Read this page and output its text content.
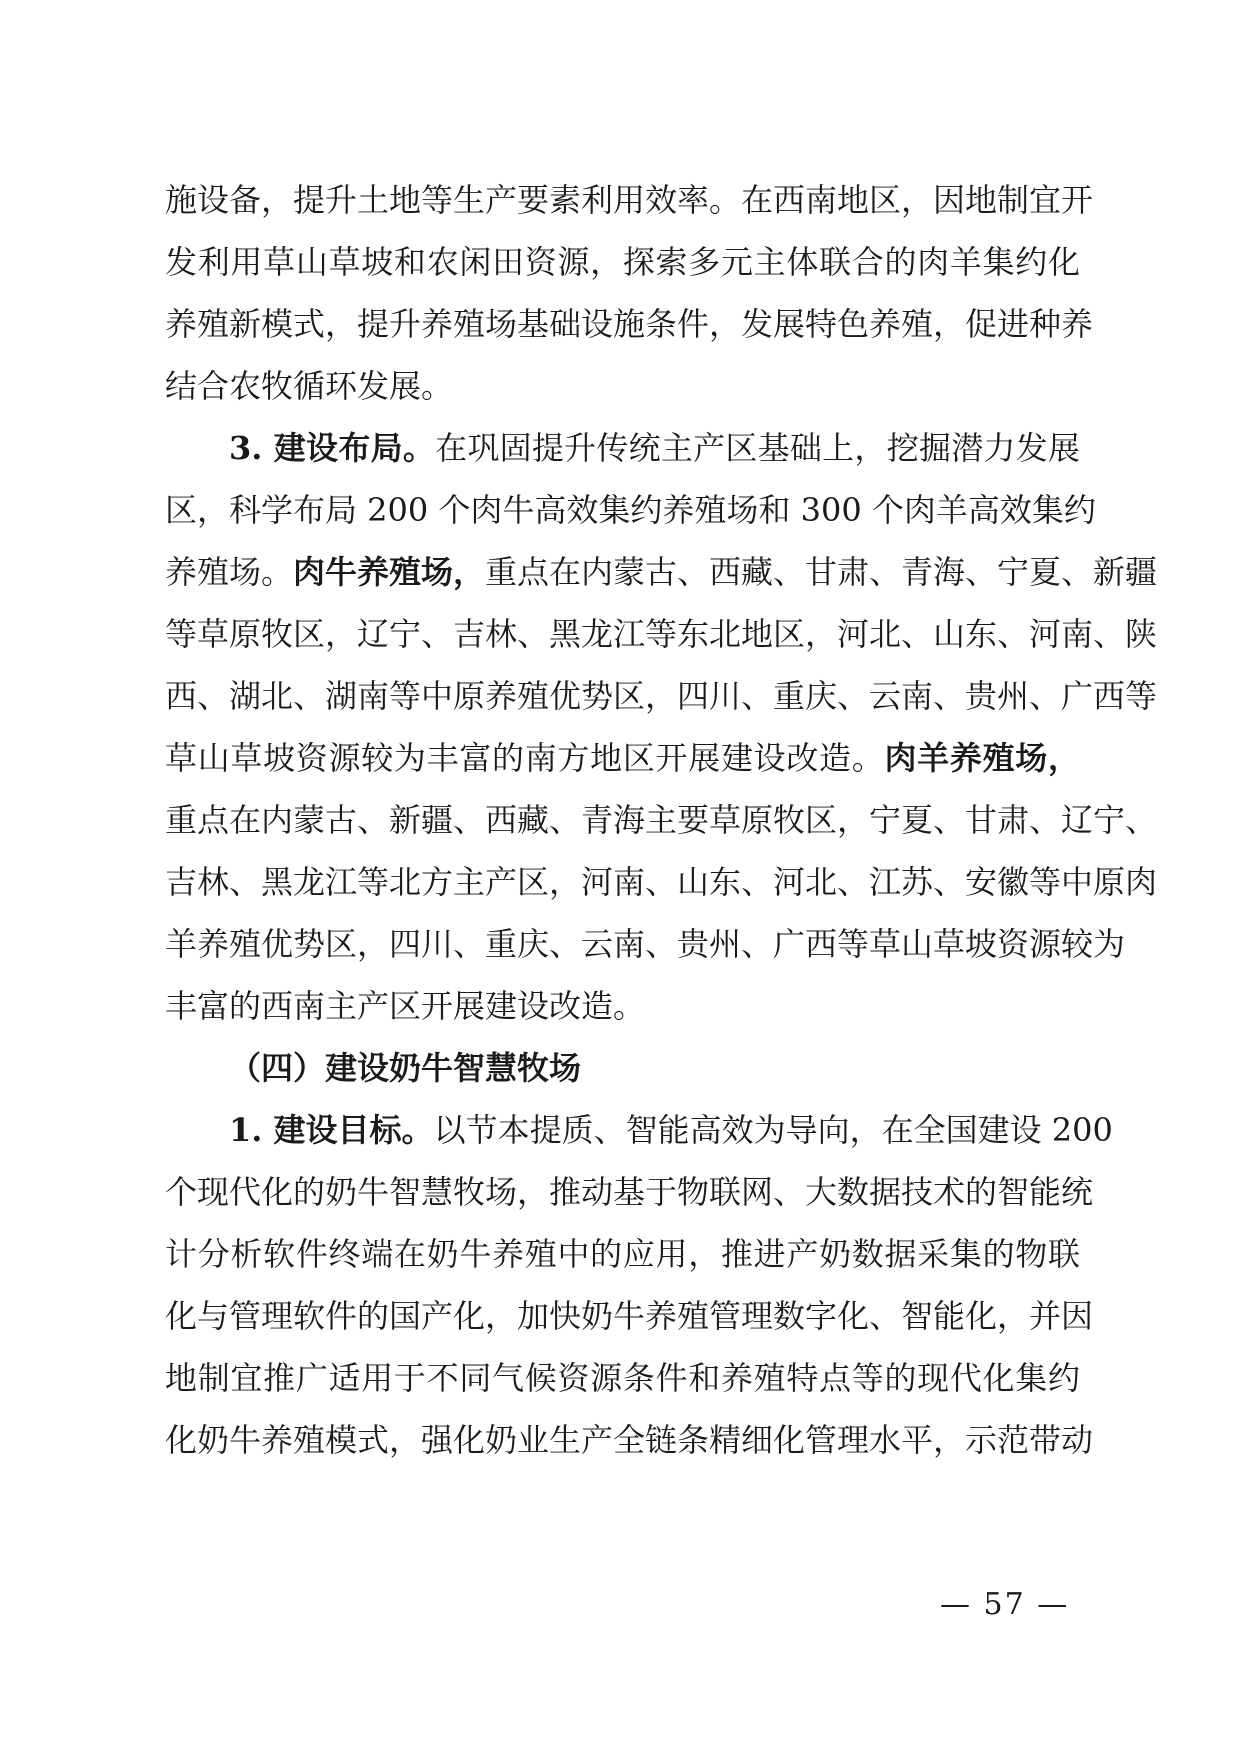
施设备，提升土地等生产要素利用效率。在西南地区，因地制宜开
发利用草山草坡和农闲田资源，探索多元主体联合的肉羊集约化
养殖新模式，提升养殖场基础设施条件，发展特色养殖，促进种养
结合农牧循环发展。
3. 建设布局。在巩固提升传统主产区基础上，挖掘潜力发展
区，科学布局 200 个肉牛高效集约养殖场和 300 个肉羊高效集约
养殖场。肉牛养殖场，重点在内蒙古、西藏、甘肃、青海、宁夏、新疆
等草原牧区，辽宁、吉林、黑龙江等东北地区，河北、山东、河南、陕
西、湖北、湖南等中原养殖优势区，四川、重庆、云南、贵州、广西等
草山草坡资源较为丰富的南方地区开展建设改造。肉羊养殖场，
重点在内蒙古、新疆、西藏、青海主要草原牧区，宁夏、甘肃、辽宁、
吉林、黑龙江等北方主产区，河南、山东、河北、江苏、安徽等中原肉
羊养殖优势区，四川、重庆、云南、贵州、广西等草山草坡资源较为
丰富的西南主产区开展建设改造。
（四）建设奶牛智慧牧场
1. 建设目标。以节本提质、智能高效为导向，在全国建设 200
个现代化的奶牛智慧牧场，推动基于物联网、大数据技术的智能统
计分析软件终端在奶牛养殖中的应用，推进产奶数据采集的物联
化与管理软件的国产化，加快奶牛养殖管理数字化、智能化，并因
地制宜推广适用于不同气候资源条件和养殖特点等的现代化集约
化奶牛养殖模式，强化奶业生产全链条精细化管理水平，示范带动
— 57 —
